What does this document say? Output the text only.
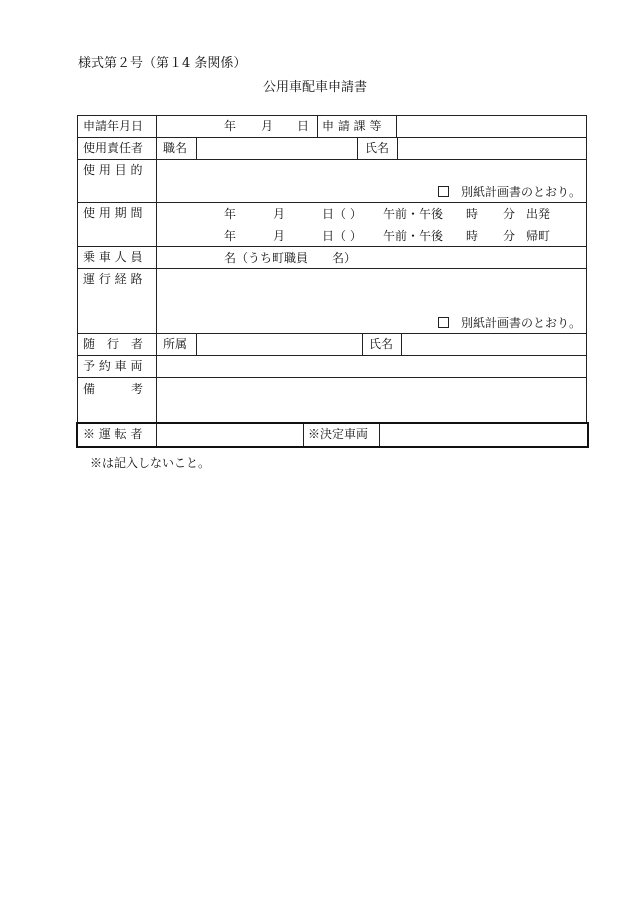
様式第２号（第１4 条関係）
公用車配車申請書
申請年月日	年 月 日 申 請 課 等
使用責任者 職名	氏名
使 用 目 的
別紙計画書のとおり。
使 用 期 間	年	月	日（ ） 午前・午後 時 分 出発
年	月	日（ ） 午前・午後 時 分 帰町
乗 車 人 員	名（うち町職員　　名）
運 行 経 路
別紙計画書のとおり。
随　行　者 所属	氏名
予 約 車 両
備　　　考
※ 運 転 者	※決定車両
※は記入しないこと。
